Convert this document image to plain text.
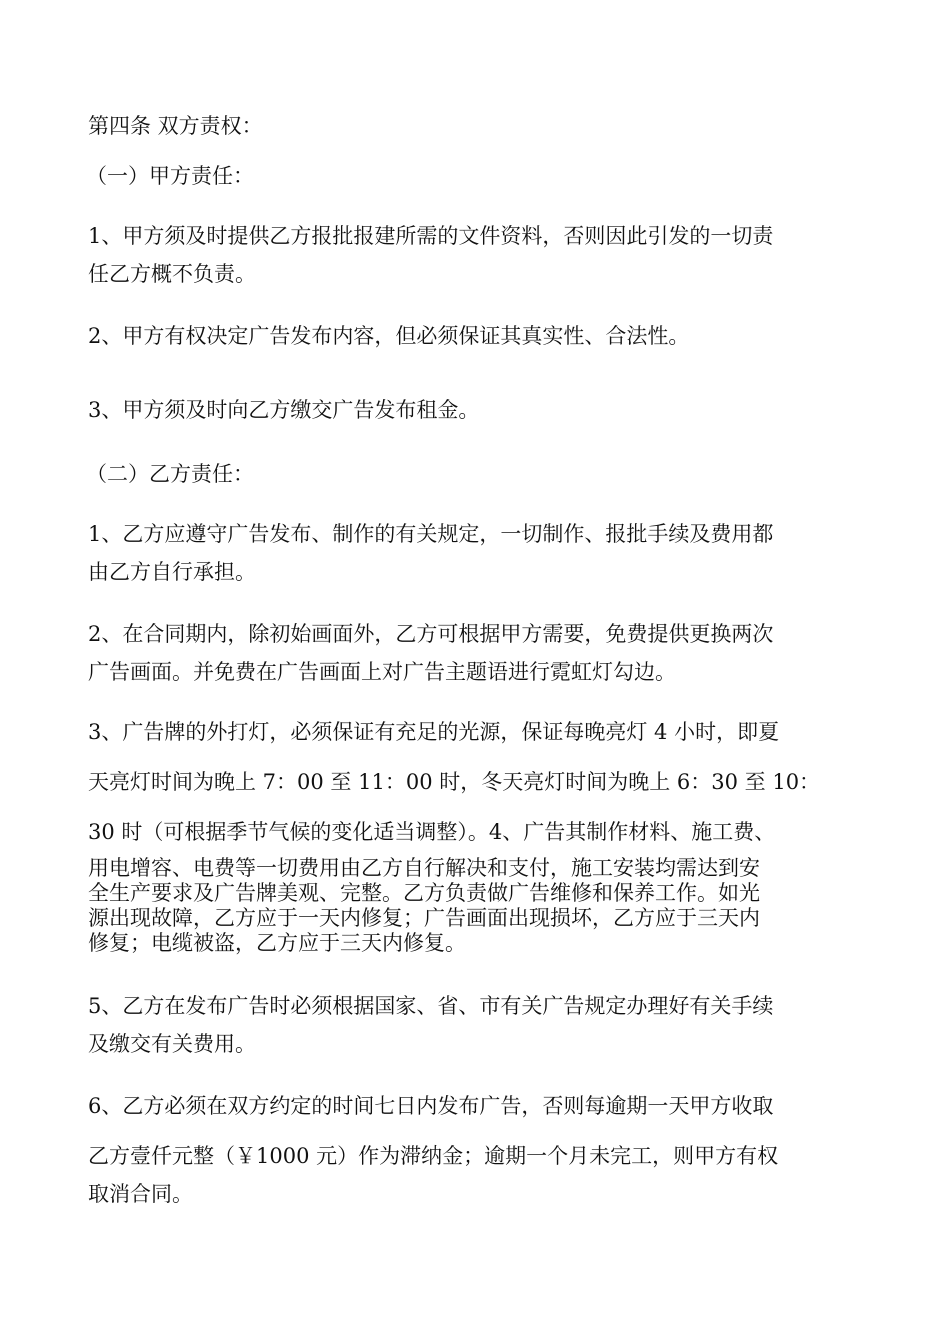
第四条 双方责权：

（一）甲方责任：

1、甲方须及时提供乙方报批报建所需的文件资料，否则因此引发的一切责

任乙方概不负责。

2、甲方有权决定广告发布内容，但必须保证其真实性、合法性。

3、甲方须及时向乙方缴交广告发布租金。

（二）乙方责任：

1、乙方应遵守广告发布、制作的有关规定，一切制作、报批手续及费用都

由乙方自行承担。

2、在合同期内，除初始画面外，乙方可根据甲方需要，免费提供更换两次

广告画面。并免费在广告画面上对广告主题语进行霓虹灯勾边。

3、广告牌的外打灯，必须保证有充足的光源，保证每晚亮灯 4 小时，即夏

天亮灯时间为晚上 7：00 至 11：00 时，冬天亮灯时间为晚上 6：30 至 10：

30 时（可根据季节气候的变化适当调整）。4、广告其制作材料、施工费、

用电增容、电费等一切费用由乙方自行解决和支付，施工安装均需达到安

全生产要求及广告牌美观、完整。乙方负责做广告维修和保养工作。如光

源出现故障，乙方应于一天内修复；广告画面出现损坏，乙方应于三天内

修复；电缆被盗，乙方应于三天内修复。

5、乙方在发布广告时必须根据国家、省、市有关广告规定办理好有关手续

及缴交有关费用。

6、乙方必须在双方约定的时间七日内发布广告，否则每逾期一天甲方收取

乙方壹仟元整（￥1000 元）作为滞纳金；逾期一个月未完工，则甲方有权

取消合同。
